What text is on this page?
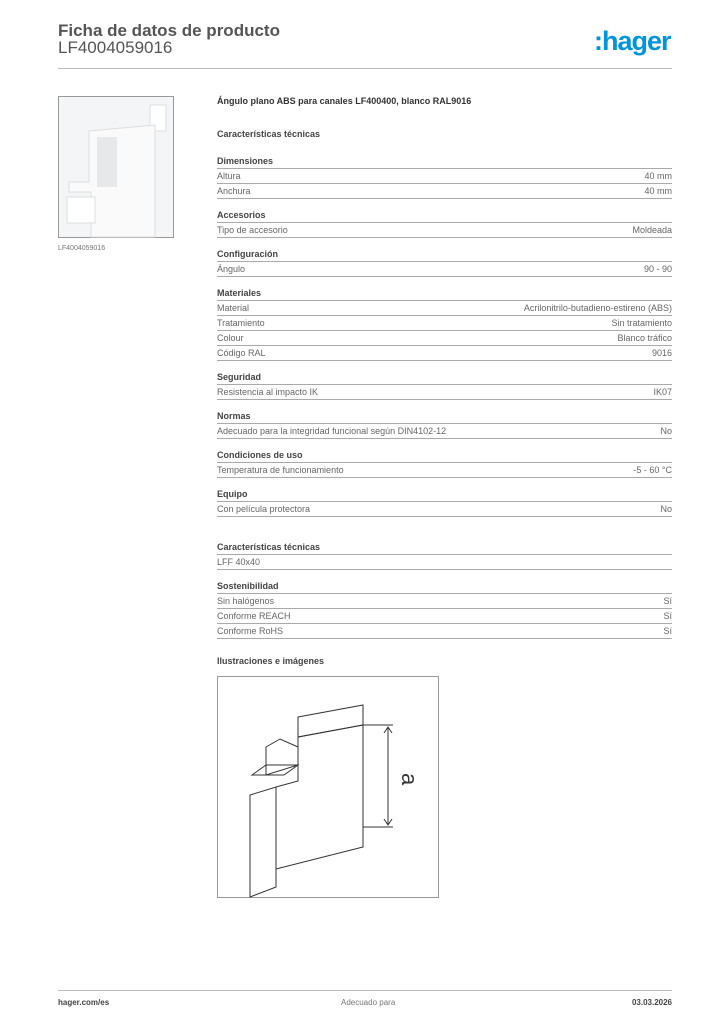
Ficha de datos de producto
LF4004059016	:hager
LF4004059016
Ángulo plano ABS para canales LF400400, blanco RAL9016
Características técnicas
Dimensiones
Altura	40 mm
Anchura	40 mm
Accesorios
Tipo de accesorio	Moldeada
Configuración
Ángulo	90 - 90
Materiales
Material	Acrilonitrilo-butadieno-estireno (ABS)
Tratamiento	Sin tratamiento
Colour	Blanco tráfico
Código RAL	9016
Seguridad
Resistencia al impacto IK	IK07
Normas
Adecuado para la integridad funcional según DIN4102-12	No
Condiciones de uso
Temperatura de funcionamiento	-5 - 60 °C
Equipo
Con película protectora	No
Características técnicas
LFF 40x40
Sostenibilidad
Sin halógenos	Sí
Conforme REACH	Sí
Conforme RoHS	Sí
Ilustraciones e imágenes
a
hager.com/es	Adecuado para	03.03.2026
